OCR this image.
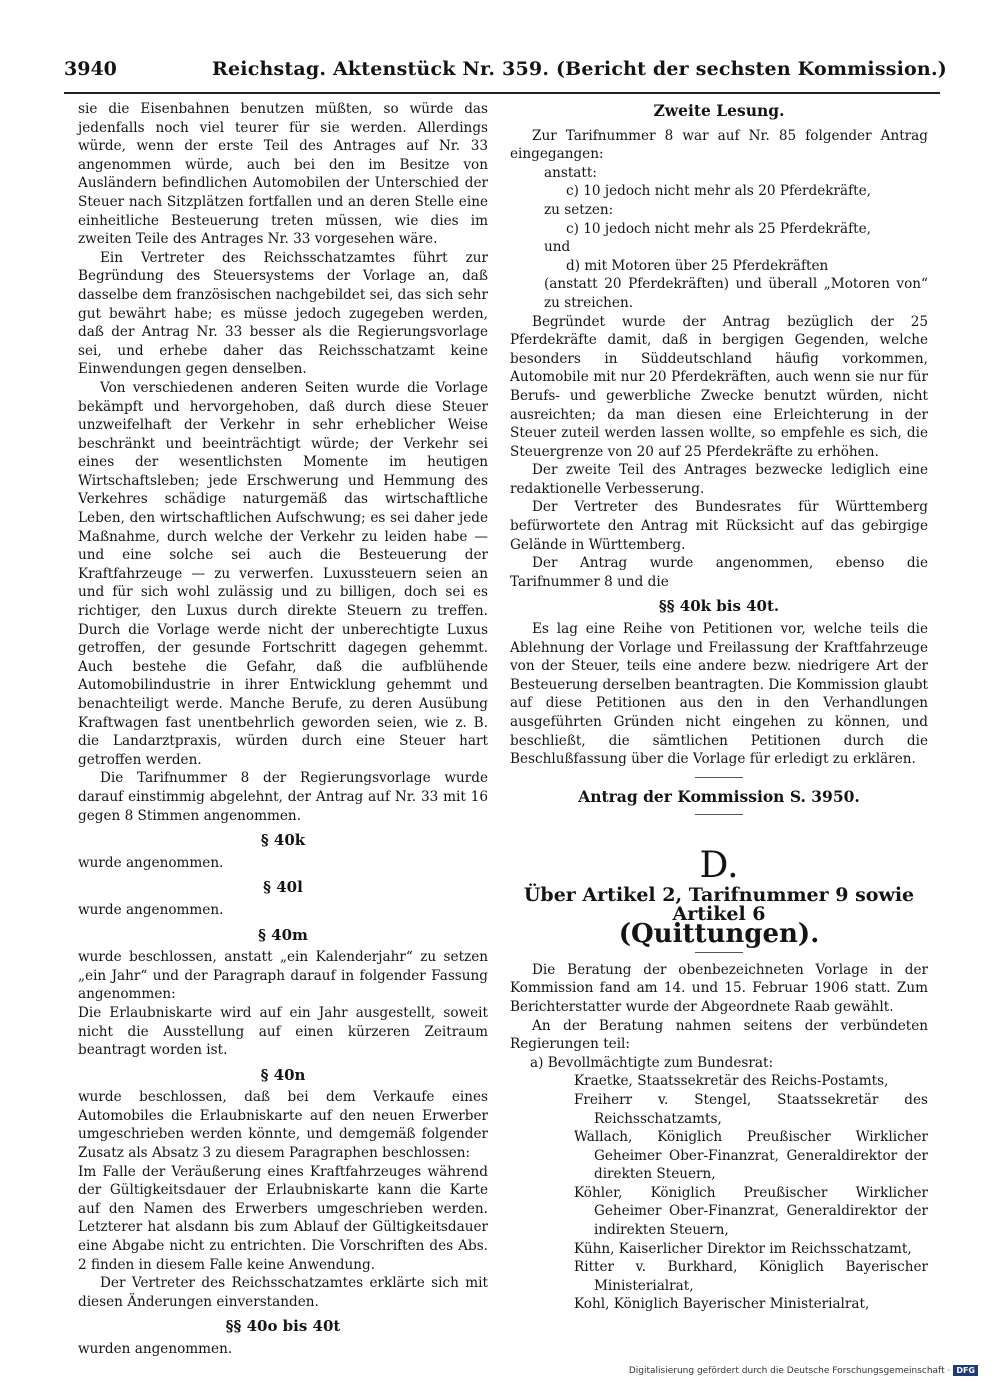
3940	Reichstag. Aktenstück Nr. 359. (Bericht der sechsten Kommission.)

sie die Eisenbahnen benutzen müßten, so würde das jedenfalls noch viel teurer für sie werden. Allerdings würde, wenn der erste Teil des Antrages auf Nr. 33 angenommen würde, auch bei den im Besitze von Ausländern befindlichen Automobilen der Unterschied der Steuer nach Sitzplätzen fortfallen und an deren Stelle eine einheitliche Besteuerung treten müssen, wie dies im zweiten Teile des Antrages Nr. 33 vorgesehen wäre.

Ein Vertreter des Reichsschatzamtes führt zur Begründung des Steuersystems der Vorlage an, daß dasselbe dem französischen nachgebildet sei, das sich sehr gut bewährt habe; es müsse jedoch zugegeben werden, daß der Antrag Nr. 33 besser als die Regierungsvorlage sei, und erhebe daher das Reichsschatzamt keine Einwendungen gegen denselben.

Von verschiedenen anderen Seiten wurde die Vorlage bekämpft und hervorgehoben, daß durch diese Steuer unzweifelhaft der Verkehr in sehr erheblicher Weise beschränkt und beeinträchtigt würde; der Verkehr sei eines der wesentlichsten Momente im heutigen Wirtschaftsleben; jede Erschwerung und Hemmung des Verkehres schädige naturgemäß das wirtschaftliche Leben, den wirtschaftlichen Aufschwung; es sei daher jede Maßnahme, durch welche der Verkehr zu leiden habe — und eine solche sei auch die Besteuerung der Kraftfahrzeuge — zu verwerfen. Luxussteuern seien an und für sich wohl zulässig und zu billigen, doch sei es richtiger, den Luxus durch direkte Steuern zu treffen. Durch die Vorlage werde nicht der unberechtigte Luxus getroffen, der gesunde Fortschritt dagegen gehemmt. Auch bestehe die Gefahr, daß die aufblühende Automobilindustrie in ihrer Entwicklung gehemmt und benachteiligt werde. Manche Berufe, zu deren Ausübung Kraftwagen fast unentbehrlich geworden seien, wie z. B. die Landarztpraxis, würden durch eine Steuer hart getroffen werden.

Die Tarifnummer 8 der Regierungsvorlage wurde darauf einstimmig abgelehnt, der Antrag auf Nr. 33 mit 16 gegen 8 Stimmen angenommen.

§ 40k

wurde angenommen.

§ 40l

wurde angenommen.

§ 40m

wurde beschlossen, anstatt „ein Kalenderjahr“ zu setzen „ein Jahr“ und der Paragraph darauf in folgender Fassung angenommen:

Die Erlaubniskarte wird auf ein Jahr ausgestellt, soweit nicht die Ausstellung auf einen kürzeren Zeitraum beantragt worden ist.

§ 40n

wurde beschlossen, daß bei dem Verkaufe eines Automobiles die Erlaubniskarte auf den neuen Erwerber umgeschrieben werden könnte, und demgemäß folgender Zusatz als Absatz 3 zu diesem Paragraphen beschlossen:

Im Falle der Veräußerung eines Kraftfahrzeuges während der Gültigkeitsdauer der Erlaubniskarte kann die Karte auf den Namen des Erwerbers umgeschrieben werden. Letzterer hat alsdann bis zum Ablauf der Gültigkeitsdauer eine Abgabe nicht zu entrichten. Die Vorschriften des Abs. 2 finden in diesem Falle keine Anwendung.

Der Vertreter des Reichsschatzamtes erklärte sich mit diesen Änderungen einverstanden.

§§ 40o bis 40t

wurden angenommen.

Zweite Lesung.

Zur Tarifnummer 8 war auf Nr. 85 folgender Antrag eingegangen:

anstatt:

c) 10 jedoch nicht mehr als 20 Pferdekräfte,

zu setzen:

c) 10 jedoch nicht mehr als 25 Pferdekräfte,

und

d) mit Motoren über 25 Pferdekräften

(anstatt 20 Pferdekräften) und überall „Motoren von“ zu streichen.

Begründet wurde der Antrag bezüglich der 25 Pferdekräfte damit, daß in bergigen Gegenden, welche besonders in Süddeutschland häufig vorkommen, Automobile mit nur 20 Pferdekräften, auch wenn sie nur für Berufs- und gewerbliche Zwecke benutzt würden, nicht ausreichten; da man diesen eine Erleichterung in der Steuer zuteil werden lassen wollte, so empfehle es sich, die Steuergrenze von 20 auf 25 Pferdekräfte zu erhöhen.

Der zweite Teil des Antrages bezwecke lediglich eine redaktionelle Verbesserung.

Der Vertreter des Bundesrates für Württemberg befürwortete den Antrag mit Rücksicht auf das gebirgige Gelände in Württemberg.

Der Antrag wurde angenommen, ebenso die Tarifnummer 8 und die

§§ 40k bis 40t.

Es lag eine Reihe von Petitionen vor, welche teils die Ablehnung der Vorlage und Freilassung der Kraftfahrzeuge von der Steuer, teils eine andere bezw. niedrigere Art der Besteuerung derselben beantragten. Die Kommission glaubt auf diese Petitionen aus den in den Verhandlungen ausgeführten Gründen nicht eingehen zu können, und beschließt, die sämtlichen Petitionen durch die Beschlußfassung über die Vorlage für erledigt zu erklären.

Antrag der Kommission S. 3950.
D.
Über Artikel 2, Tarifnummer 9 sowie Artikel 6
(Quittungen).

Die Beratung der obenbezeichneten Vorlage in der Kommission fand am 14. und 15. Februar 1906 statt. Zum Berichterstatter wurde der Abgeordnete Raab gewählt.

An der Beratung nahmen seitens der verbündeten Regierungen teil:

a) Bevollmächtigte zum Bundesrat:

Kraetke, Staatssekretär des Reichs-Postamts,

Freiherr v. Stengel, Staatssekretär des Reichsschatzamts,

Wallach, Königlich Preußischer Wirklicher Geheimer Ober-Finanzrat, Generaldirektor der direkten Steuern,

Köhler, Königlich Preußischer Wirklicher Geheimer Ober-Finanzrat, Generaldirektor der indirekten Steuern,

Kühn, Kaiserlicher Direktor im Reichsschatzamt,

Ritter v. Burkhard, Königlich Bayerischer Ministerialrat,

Kohl, Königlich Bayerischer Ministerialrat,

Digitalisierung gefördert durch die Deutsche Forschungsgemeinschaft · DFG
